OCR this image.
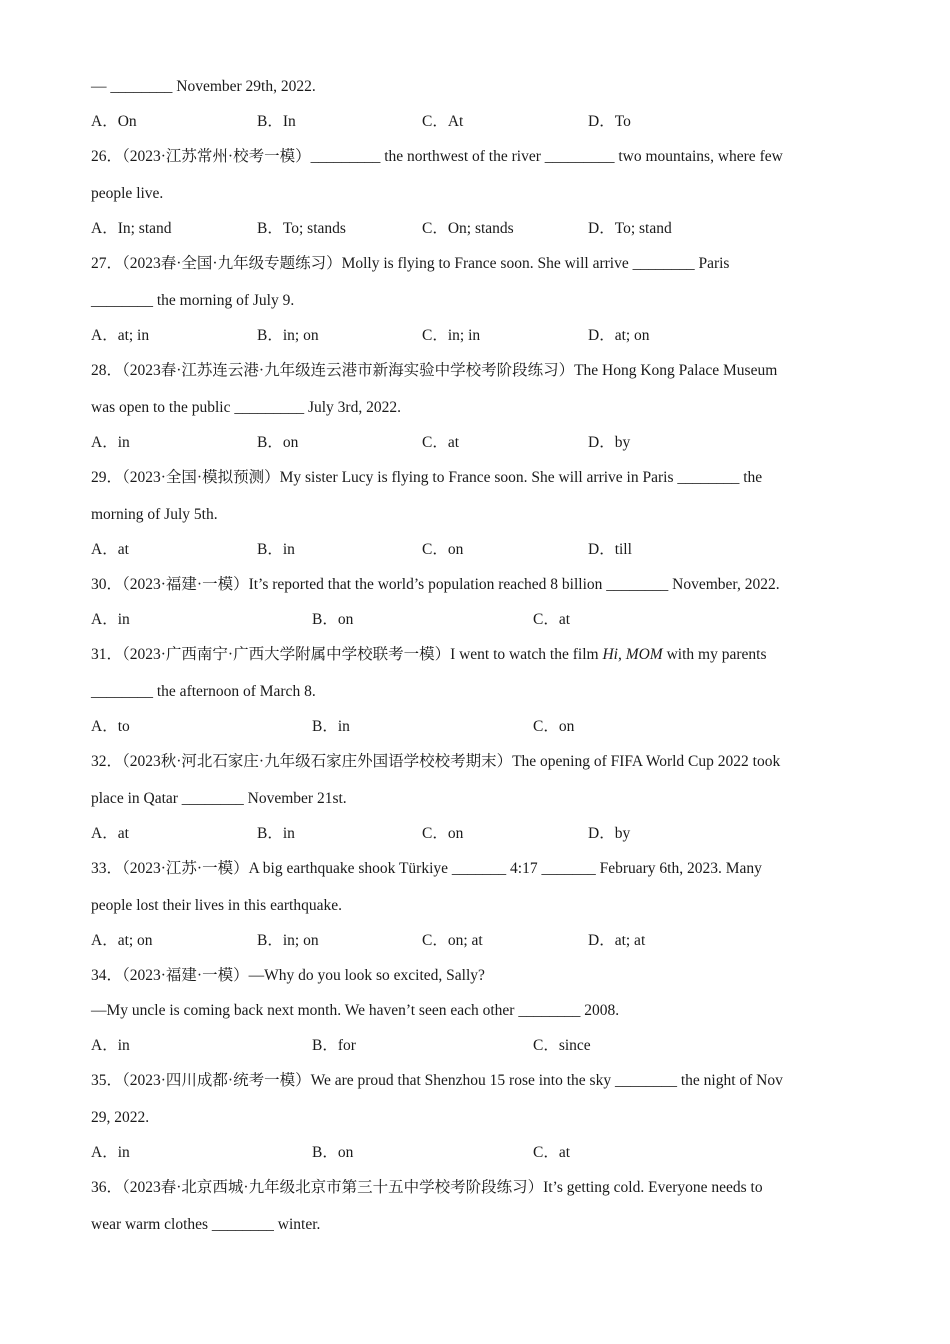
— ________ November 29th, 2022.
A．On	B．In	C．At	D．To
26．（2023·江苏常州·校考一模）_________ the northwest of the river _________ two mountains, where few
people live.
A．In; stand	B．To; stands	C．On; stands	D．To; stand
27．（2023春·全国·九年级专题练习）Molly is flying to France soon. She will arrive ________ Paris
________ the morning of July 9.
A．at; in	B．in; on	C．in; in	D．at; on
28．（2023春·江苏连云港·九年级连云港市新海实验中学校考阶段练习）The Hong Kong Palace Museum
was open to the public _________ July 3rd, 2022.
A．in	B．on	C．at	D．by
29．（2023·全国·模拟预测）My sister Lucy is flying to France soon. She will arrive in Paris ________ the
morning of July 5th.
A．at	B．in	C．on	D．till
30．（2023·福建·一模）It’s reported that the world’s population reached 8 billion ________ November, 2022.
A．in	B．on	C．at
31．（2023·广西南宁·广西大学附属中学校联考一模）I went to watch the film Hi, MOM with my parents
________ the afternoon of March 8.
A．to	B．in	C．on
32．（2023秋·河北石家庄·九年级石家庄外国语学校校考期末）The opening of FIFA World Cup 2022 took
place in Qatar ________ November 21st.
A．at	B．in	C．on	D．by
33．（2023·江苏·一模）A big earthquake shook Türkiye _______ 4:17 _______ February 6th, 2023. Many
people lost their lives in this earthquake.
A．at; on	B．in; on	C．on; at	D．at; at
34．（2023·福建·一模）—Why do you look so excited, Sally?
—My uncle is coming back next month. We haven’t seen each other ________ 2008.
A．in	B．for	C．since
35．（2023·四川成都·统考一模）We are proud that Shenzhou 15 rose into the sky ________ the night of Nov
29, 2022.
A．in	B．on	C．at
36．（2023春·北京西城·九年级北京市第三十五中学校考阶段练习）It’s getting cold. Everyone needs to
wear warm clothes ________ winter.
